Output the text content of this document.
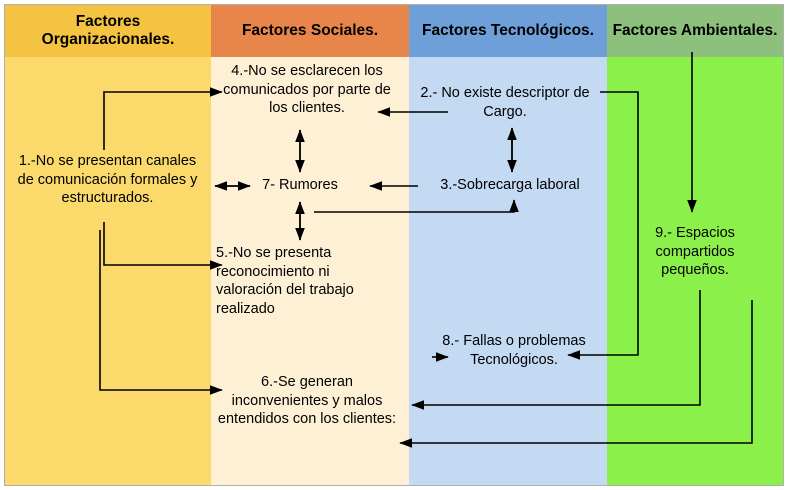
Factores Organizacionales.
Factores Sociales.	Factores Tecnológicos. Factores Ambientales.
1.-No se presentan canales de comunicación formales y estructurados.
4.-No se esclarecen los comunicados por parte de los clientes.
2.- No existe descriptor de Cargo.
7- Rumores	3.-Sobrecarga laboral
5.-No se presenta reconocimiento ni valoración del trabajo realizado
9.- Espacios compartidos pequeños.
8.- Fallas o problemas Tecnológicos.
6.-Se generan inconvenientes y malos entendidos con los clientes:
